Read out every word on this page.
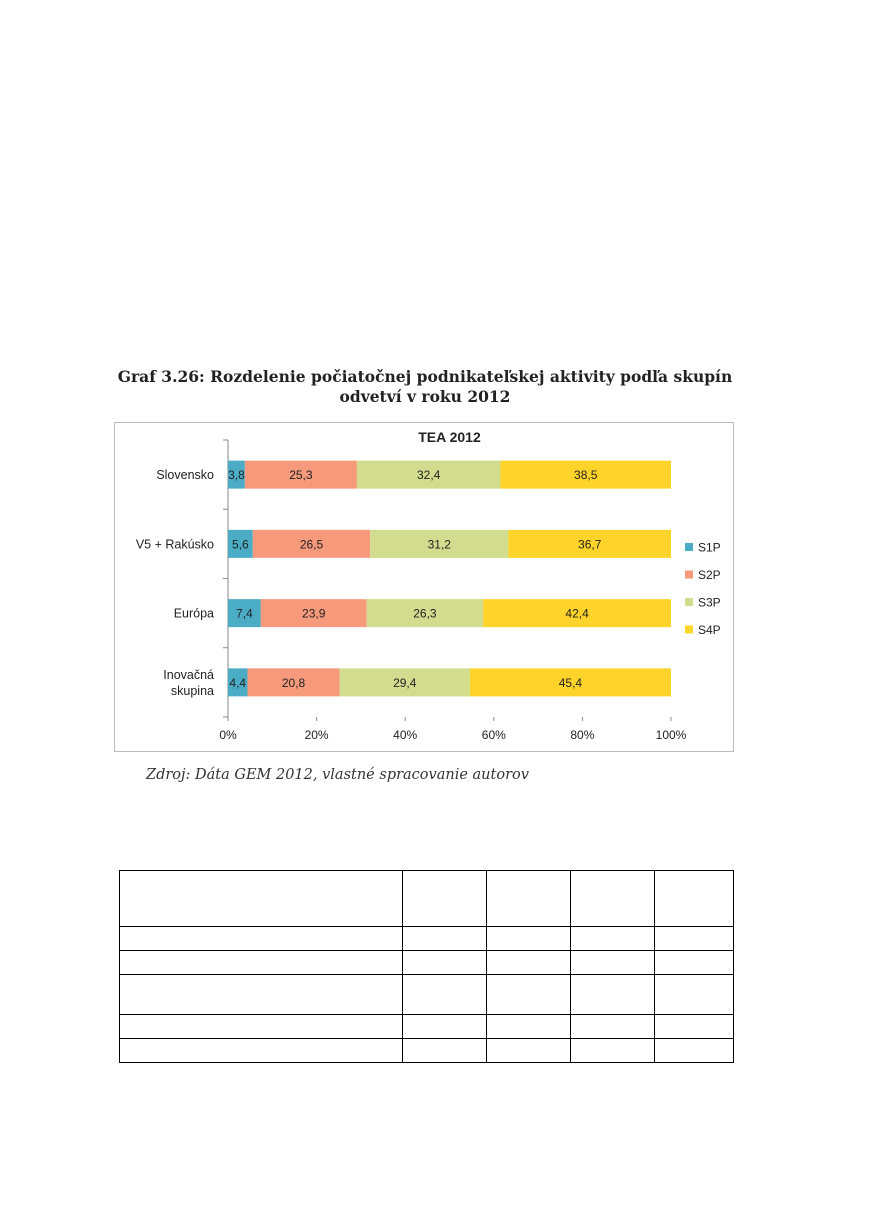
Graf 3.26: Rozdelenie počiatočnej podnikateľskej aktivity podľa skupín
odvetví v roku 2012
TEA 2012
0%	20%	40%	60%	80%	100%
3,8	25,3	32,4	38,5
Slovensko
5,6	26,5	31,2	36,7
V5 + Rakúsko
7,4	23,9	26,3	42,4
Európa
4,4	20,8	29,4	45,4
Inovačná
skupina
S1P
S2P
S3P
S4P
Zdroj: Dáta GEM 2012, vlastné spracovanie autorov
